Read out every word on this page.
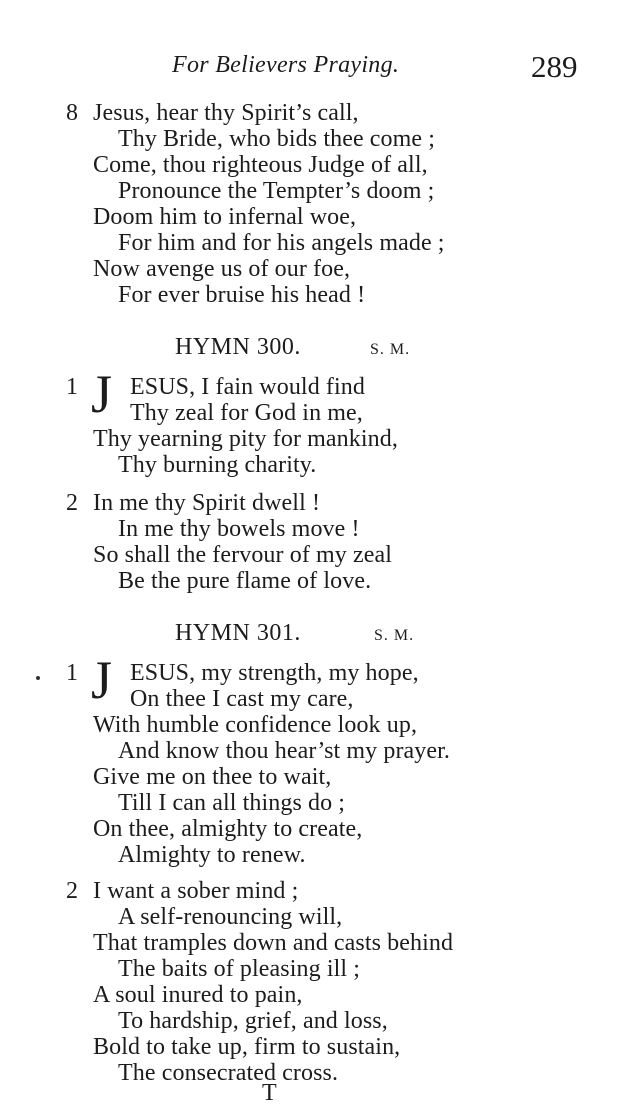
For Believers Praying.	289
8 Jesus, hear thy Spirit’s call,
Thy Bride, who bids thee come ;
Come, thou righteous Judge of all,
Pronounce the Tempter’s doom ;
Doom him to infernal woe,
For him and for his angels made ;
Now avenge us of our foe,
For ever bruise his head !
HYMN 300.	S. M.
1 J ESUS, I fain would find
Thy zeal for God in me,
Thy yearning pity for mankind,
Thy burning charity.
2 In me thy Spirit dwell !
In me thy bowels move !
So shall the fervour of my zeal
Be the pure flame of love.
HYMN 301.	S. M.
1 J ESUS, my strength, my hope,
On thee I cast my care,
With humble confidence look up,
And know thou hear’st my prayer.
Give me on thee to wait,
Till I can all things do ;
On thee, almighty to create,
Almighty to renew.
2 I want a sober mind ;
A self-renouncing will,
That tramples down and casts behind
The baits of pleasing ill ;
A soul inured to pain,
To hardship, grief, and loss,
Bold to take up, firm to sustain,
The consecrated cross.
T
